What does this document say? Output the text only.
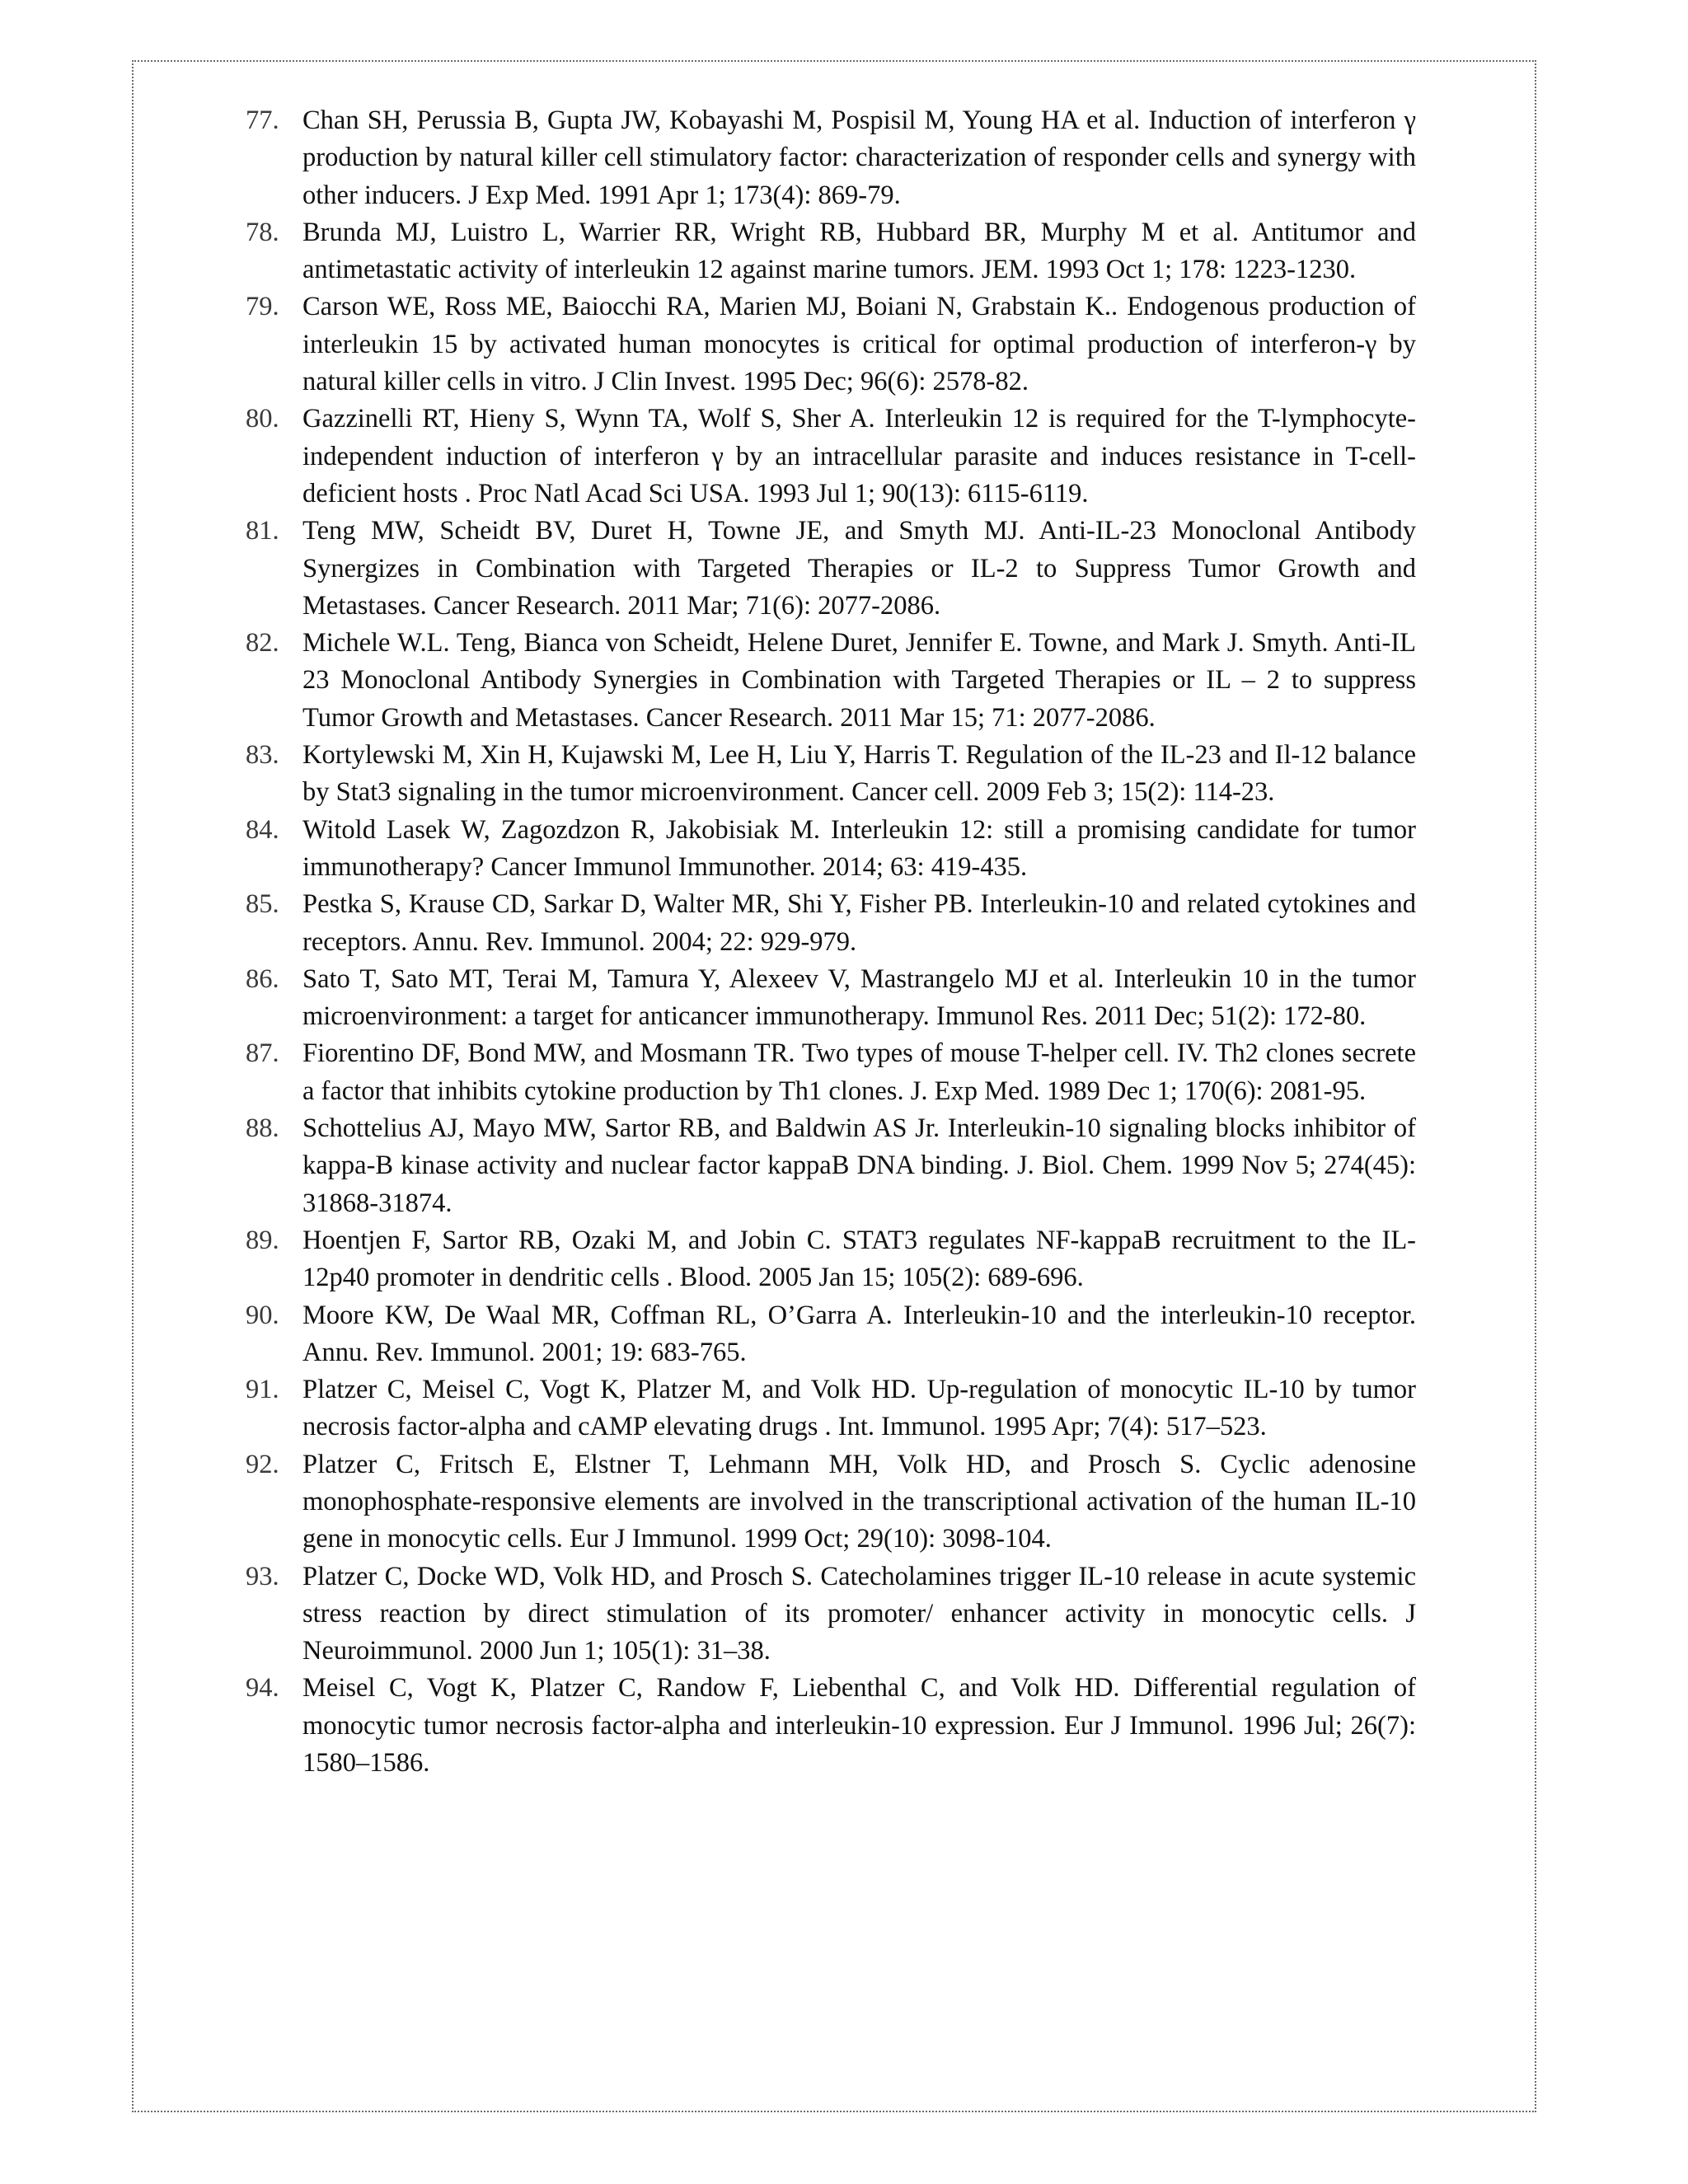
77. Chan SH, Perussia B, Gupta JW, Kobayashi M, Pospisil M, Young HA et al. Induction of interferon γ production by natural killer cell stimulatory factor: characterization of responder cells and synergy with other inducers. J Exp Med. 1991 Apr 1; 173(4): 869-79.
78. Brunda MJ, Luistro L, Warrier RR, Wright RB, Hubbard BR, Murphy M et al. Antitumor and antimetastatic activity of interleukin 12 against marine tumors. JEM. 1993 Oct 1; 178: 1223-1230.
79. Carson WE, Ross ME, Baiocchi RA, Marien MJ, Boiani N, Grabstain K.. Endogenous production of interleukin 15 by activated human monocytes is critical for optimal production of interferon-γ by natural killer cells in vitro. J Clin Invest. 1995 Dec; 96(6): 2578-82.
80. Gazzinelli RT, Hieny S, Wynn TA, Wolf S, Sher A. Interleukin 12 is required for the T-lymphocyte-independent induction of interferon γ by an intracellular parasite and induces resistance in T-cell-deficient hosts . Proc Natl Acad Sci USA. 1993 Jul 1; 90(13): 6115-6119.
81. Teng MW, Scheidt BV, Duret H, Towne JE, and Smyth MJ. Anti-IL-23 Monoclonal Antibody Synergizes in Combination with Targeted Therapies or IL-2 to Suppress Tumor Growth and Metastases. Cancer Research. 2011 Mar; 71(6): 2077-2086.
82. Michele W.L. Teng, Bianca von Scheidt, Helene Duret, Jennifer E. Towne, and Mark J. Smyth. Anti-IL 23 Monoclonal Antibody Synergies in Combination with Targeted Therapies or IL – 2 to suppress Tumor Growth and Metastases. Cancer Research. 2011 Mar 15; 71: 2077-2086.
83. Kortylewski M, Xin H, Kujawski M, Lee H, Liu Y, Harris T. Regulation of the IL-23 and Il-12 balance by Stat3 signaling in the tumor microenvironment. Cancer cell. 2009 Feb 3; 15(2): 114-23.
84. Witold Lasek W, Zagozdzon R, Jakobisiak M. Interleukin 12: still a promising candidate for tumor immunotherapy? Cancer Immunol Immunother. 2014; 63: 419-435.
85. Pestka S, Krause CD, Sarkar D, Walter MR, Shi Y, Fisher PB. Interleukin-10 and related cytokines and receptors. Annu. Rev. Immunol. 2004; 22: 929-979.
86. Sato T, Sato MT, Terai M, Tamura Y, Alexeev V, Mastrangelo MJ et al. Interleukin 10 in the tumor microenvironment: a target for anticancer immunotherapy. Immunol Res. 2011 Dec; 51(2): 172-80.
87. Fiorentino DF, Bond MW, and Mosmann TR. Two types of mouse T-helper cell. IV. Th2 clones secrete a factor that inhibits cytokine production by Th1 clones. J. Exp Med. 1989 Dec 1; 170(6): 2081-95.
88. Schottelius AJ, Mayo MW, Sartor RB, and Baldwin AS Jr. Interleukin-10 signaling blocks inhibitor of kappa-B kinase activity and nuclear factor kappaB DNA binding. J. Biol. Chem. 1999 Nov 5; 274(45): 31868-31874.
89. Hoentjen F, Sartor RB, Ozaki M, and Jobin C. STAT3 regulates NF-kappaB recruitment to the IL-12p40 promoter in dendritic cells . Blood. 2005 Jan 15; 105(2): 689-696.
90. Moore KW, De Waal MR, Coffman RL, O’Garra A. Interleukin-10 and the interleukin-10 receptor. Annu. Rev. Immunol. 2001; 19: 683-765.
91. Platzer C, Meisel C, Vogt K, Platzer M, and Volk HD. Up-regulation of monocytic IL-10 by tumor necrosis factor-alpha and cAMP elevating drugs . Int. Immunol. 1995 Apr; 7(4): 517–523.
92. Platzer C, Fritsch E, Elstner T, Lehmann MH, Volk HD, and Prosch S. Cyclic adenosine monophosphate-responsive elements are involved in the transcriptional activation of the human IL-10 gene in monocytic cells. Eur J Immunol. 1999 Oct; 29(10): 3098-104.
93. Platzer C, Docke WD, Volk HD, and Prosch S. Catecholamines trigger IL-10 release in acute systemic stress reaction by direct stimulation of its promoter/ enhancer activity in monocytic cells. J Neuroimmunol. 2000 Jun 1; 105(1): 31–38.
94. Meisel C, Vogt K, Platzer C, Randow F, Liebenthal C, and Volk HD. Differential regulation of monocytic tumor necrosis factor-alpha and interleukin-10 expression. Eur J Immunol. 1996 Jul; 26(7): 1580–1586.
